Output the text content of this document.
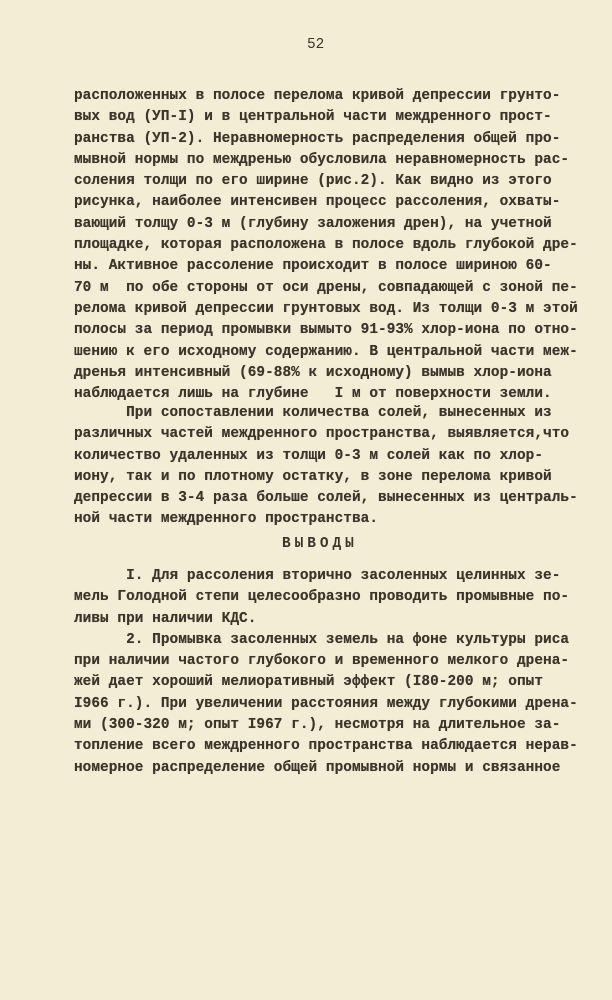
52
расположенных в полосе перелома кривой депрессии грунто-
вых вод (УП-I) и в центральной части междренного прост-
ранства (УП-2). Неравномерность распределения общей про-
мывной нормы по междренью обусловила неравномерность рас-
соления толщи по его ширине (рис.2). Как видно из этого
рисунка, наиболее интенсивен процесс рассоления, охваты-
вающий толщу 0-3 м (глубину заложения дрен), на учетной
площадке, которая расположена в полосе вдоль глубокой дре-
ны. Активное рассоление происходит в полосе шириною 60-
70 м  по обе стороны от оси дрены, совпадающей с зоной пе-
релома кривой депрессии грунтовых вод. Из толщи 0-3 м этой
полосы за период промывки вымыто 91-93% хлор-иона по отно-
шению к его исходному содержанию. В центральной части меж-
дренья интенсивный (69-88% к исходному) вымыв хлор-иона
наблюдается лишь на глубине   I м от поверхности земли.
При сопоставлении количества солей, вынесенных из
различных частей междренного пространства, выявляется,что
количество удаленных из толщи 0-3 м солей как по хлор-
иону, так и по плотному остатку, в зоне перелома кривой
депрессии в 3-4 раза больше солей, вынесенных из централь-
ной части междренного пространства.
ВЫВОДЫ
I. Для рассоления вторично засоленных целинных зе-
мель Голодной степи целесообразно проводить промывные по-
ливы при наличии КДС.
2. Промывка засоленных земель на фоне культуры риса
при наличии частого глубокого и временного мелкого дрена-
жей дает хороший мелиоративный эффект (I80-200 м; опыт
I966 г.). При увеличении расстояния между глубокими дрена-
ми (300-320 м; опыт I967 г.), несмотря на длительное за-
топление всего междренного пространства наблюдается нерав-
номерное распределение общей промывной нормы и связанное
